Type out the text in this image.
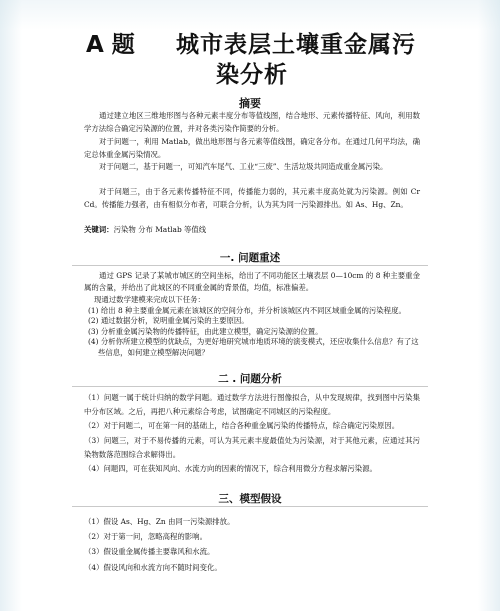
A 题 城市表层土壤重金属污
染分析
摘要
通过建立地区三维地形图与各种元素丰度分布等值线图，结合地形、元素传播特征、风向，利用数学方法综合确定污染源的位置，并对各类污染作简要的分析。
对于问题一，利用 Matlab，做出地形图与各元素等值线图，确定各分布。在通过几何平均法，确定总体重金属污染情况。
对于问题二，基于问题一，可知汽车尾气、工业“三废”、生活垃圾共同造成重金属污染。
对于问题三，由于各元素传播特征不同，传播能力弱的，其元素丰度高处就为污染源。例如 Cr Cd。传播能力强者，由有相似分布者，可联合分析，认为其为同一污染源排出。如 As、Hg、Zn。
关键词：污染物 分布 Matlab 等值线
一. 问题重述
通过 GPS 记录了某城市城区的空间坐标，给出了不同功能区土壤表层 0—10cm 的 8 种主要重金属的含量，并给出了此城区的不同重金属的背景值，均值，标准偏差。
现通过数学建模来完成以下任务：
(1) 给出 8 种主要重金属元素在该城区的空间分布，并分析该城区内不同区域重金属的污染程度。
(2) 通过数据分析，说明重金属污染的主要原因。
(3) 分析重金属污染物的传播特征，由此建立模型，确定污染源的位置。
(4) 分析你所建立模型的优缺点，为更好地研究城市地质环境的演变模式，还应收集什么信息？有了这些信息，如何建立模型解决问题？
二 . 问题分析
（1）问题一属于统计归纳的数学问题。通过数学方法进行图像拟合，从中发现规律，找到图中污染集中分布区域。之后，再把八种元素综合考虑，试图确定不同城区的污染程度。
（2）对于问题二，可在第一问的基础上，结合各种重金属污染的传播特点，综合确定污染原因。
（3）问题三，对于不易传播的元素，可认为其元素丰度最值处为污染源，对于其他元素，应通过其污染物数落范围综合求解得出。
（4）问题四，可在获知风向、水流方向的因素的情况下，综合利用微分方程求解污染源。
三、模型假设
（1）假设 As、Hg、Zn 由同一污染源排放。
（2）对于第一问，忽略高程的影响。
（3）假设重金属传播主要靠风和水流。
（4）假设风向和水流方向不随时间变化。
